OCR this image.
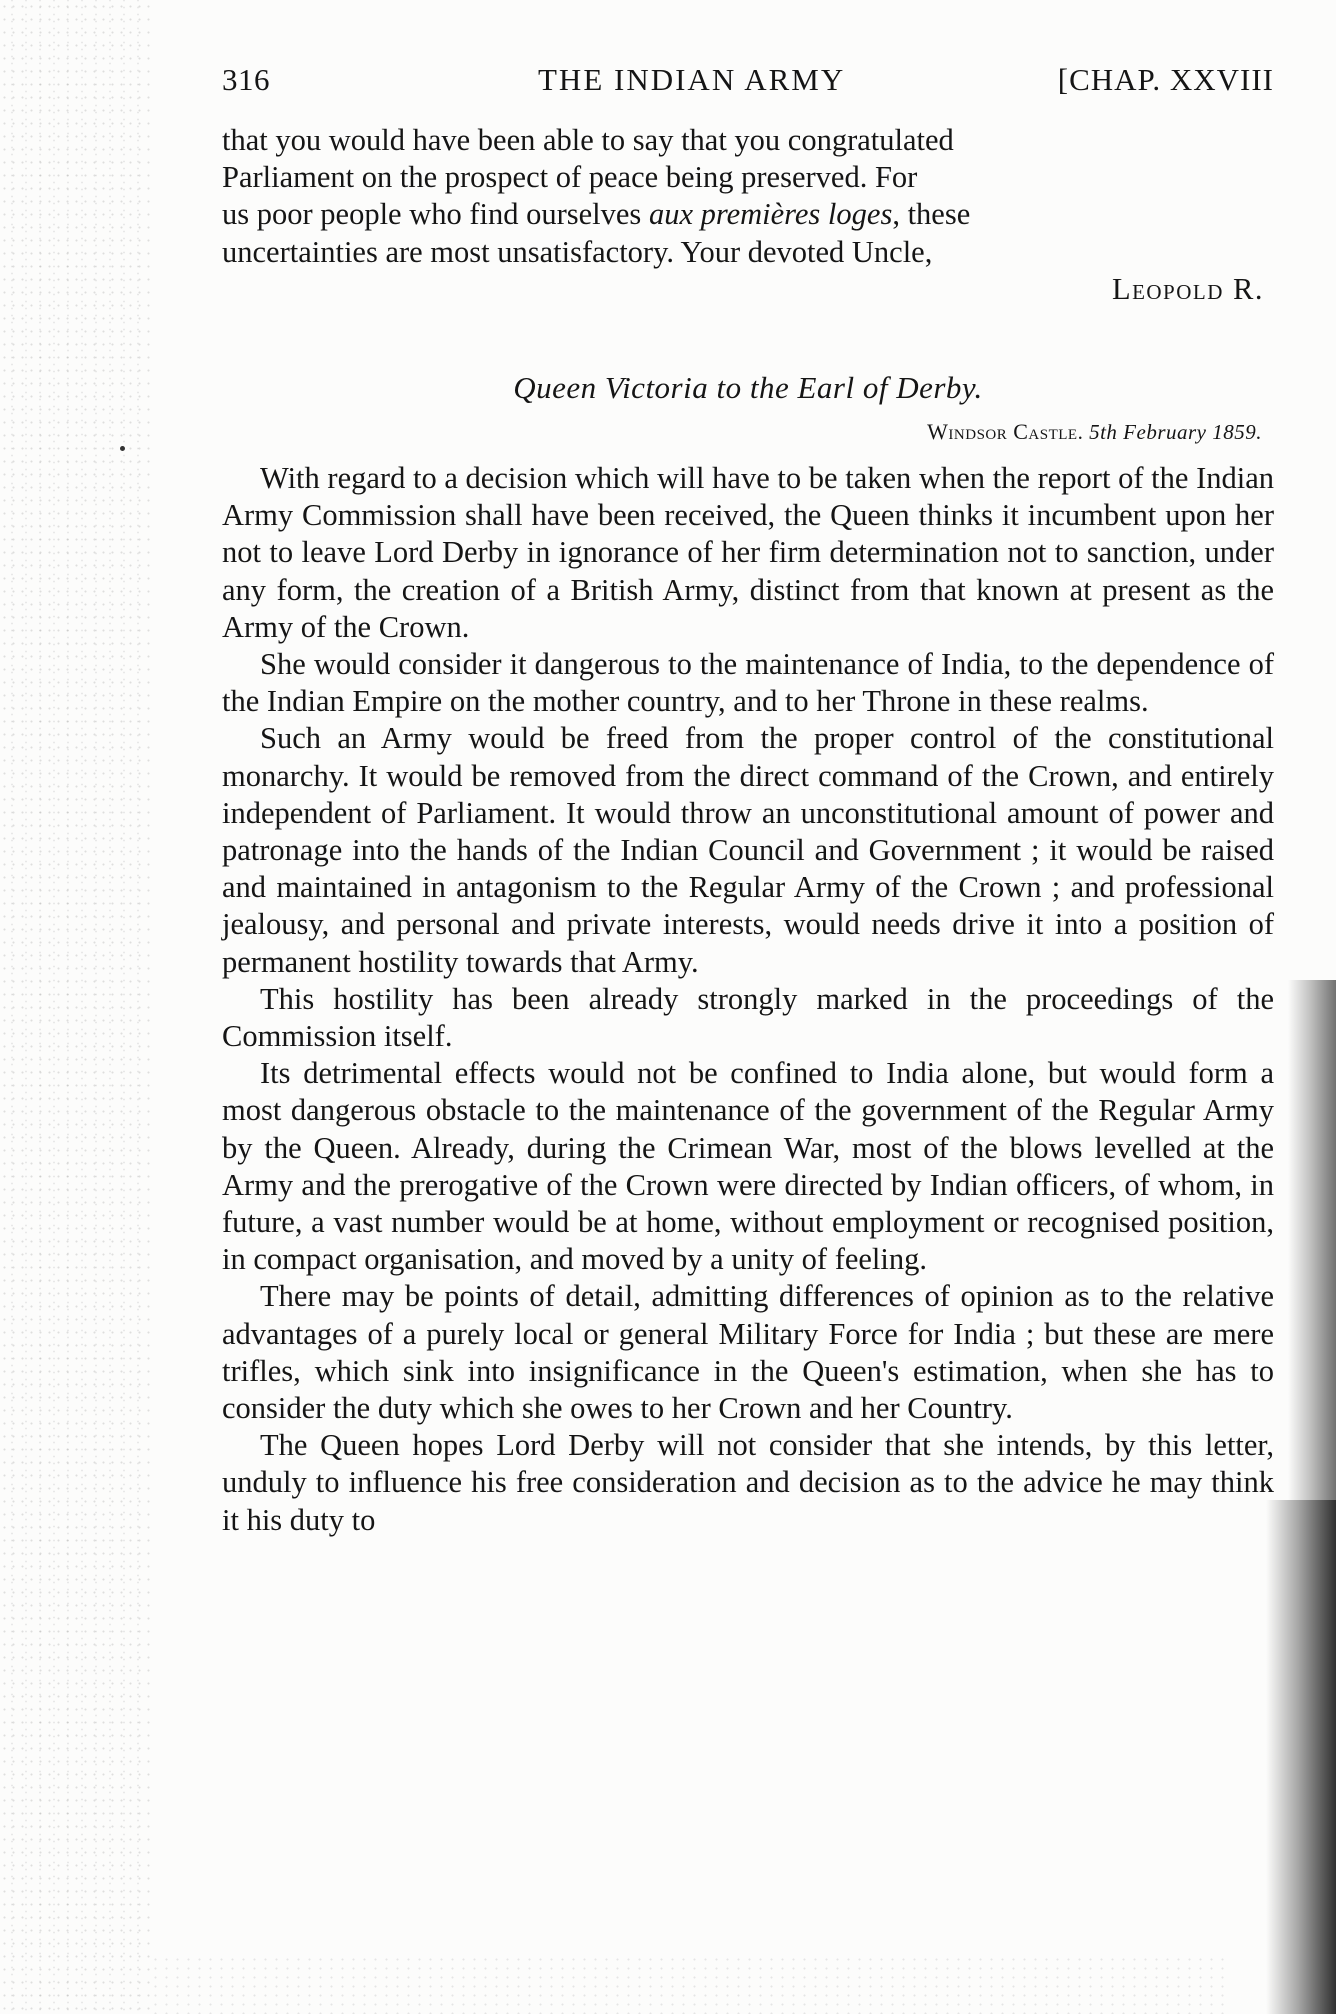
316	THE INDIAN ARMY	[CHAP. XXVIII

that you would have been able to say that you congratulated

Parliament on the prospect of peace being preserved. For

us poor people who find ourselves aux premières loges, these

uncertainties are most unsatisfactory. Your devoted Uncle,

Leopold R.

Queen Victoria to the Earl of Derby.
Windsor Castle. 5th February 1859.

With regard to a decision which will have to be taken when the report of the Indian Army Commission shall have been received, the Queen thinks it incumbent upon her not to leave Lord Derby in ignorance of her firm determination not to sanction, under any form, the creation of a British Army, distinct from that known at present as the Army of the Crown.

She would consider it dangerous to the maintenance of India, to the dependence of the Indian Empire on the mother country, and to her Throne in these realms.

Such an Army would be freed from the proper control of the constitutional monarchy. It would be removed from the direct command of the Crown, and entirely independent of Parliament. It would throw an unconstitutional amount of power and patronage into the hands of the Indian Council and Government ; it would be raised and maintained in antagonism to the Regular Army of the Crown ; and professional jealousy, and personal and private interests, would needs drive it into a position of permanent hostility towards that Army.

This hostility has been already strongly marked in the proceedings of the Commission itself.

Its detrimental effects would not be confined to India alone, but would form a most dangerous obstacle to the maintenance of the government of the Regular Army by the Queen. Already, during the Crimean War, most of the blows levelled at the Army and the prerogative of the Crown were directed by Indian officers, of whom, in future, a vast number would be at home, without employment or recognised position, in compact organisation, and moved by a unity of feeling.

There may be points of detail, admitting differences of opinion as to the relative advantages of a purely local or general Military Force for India ; but these are mere trifles, which sink into insignificance in the Queen's estimation, when she has to consider the duty which she owes to her Crown and her Country.

The Queen hopes Lord Derby will not consider that she intends, by this letter, unduly to influence his free consideration and decision as to the advice he may think it his duty to
